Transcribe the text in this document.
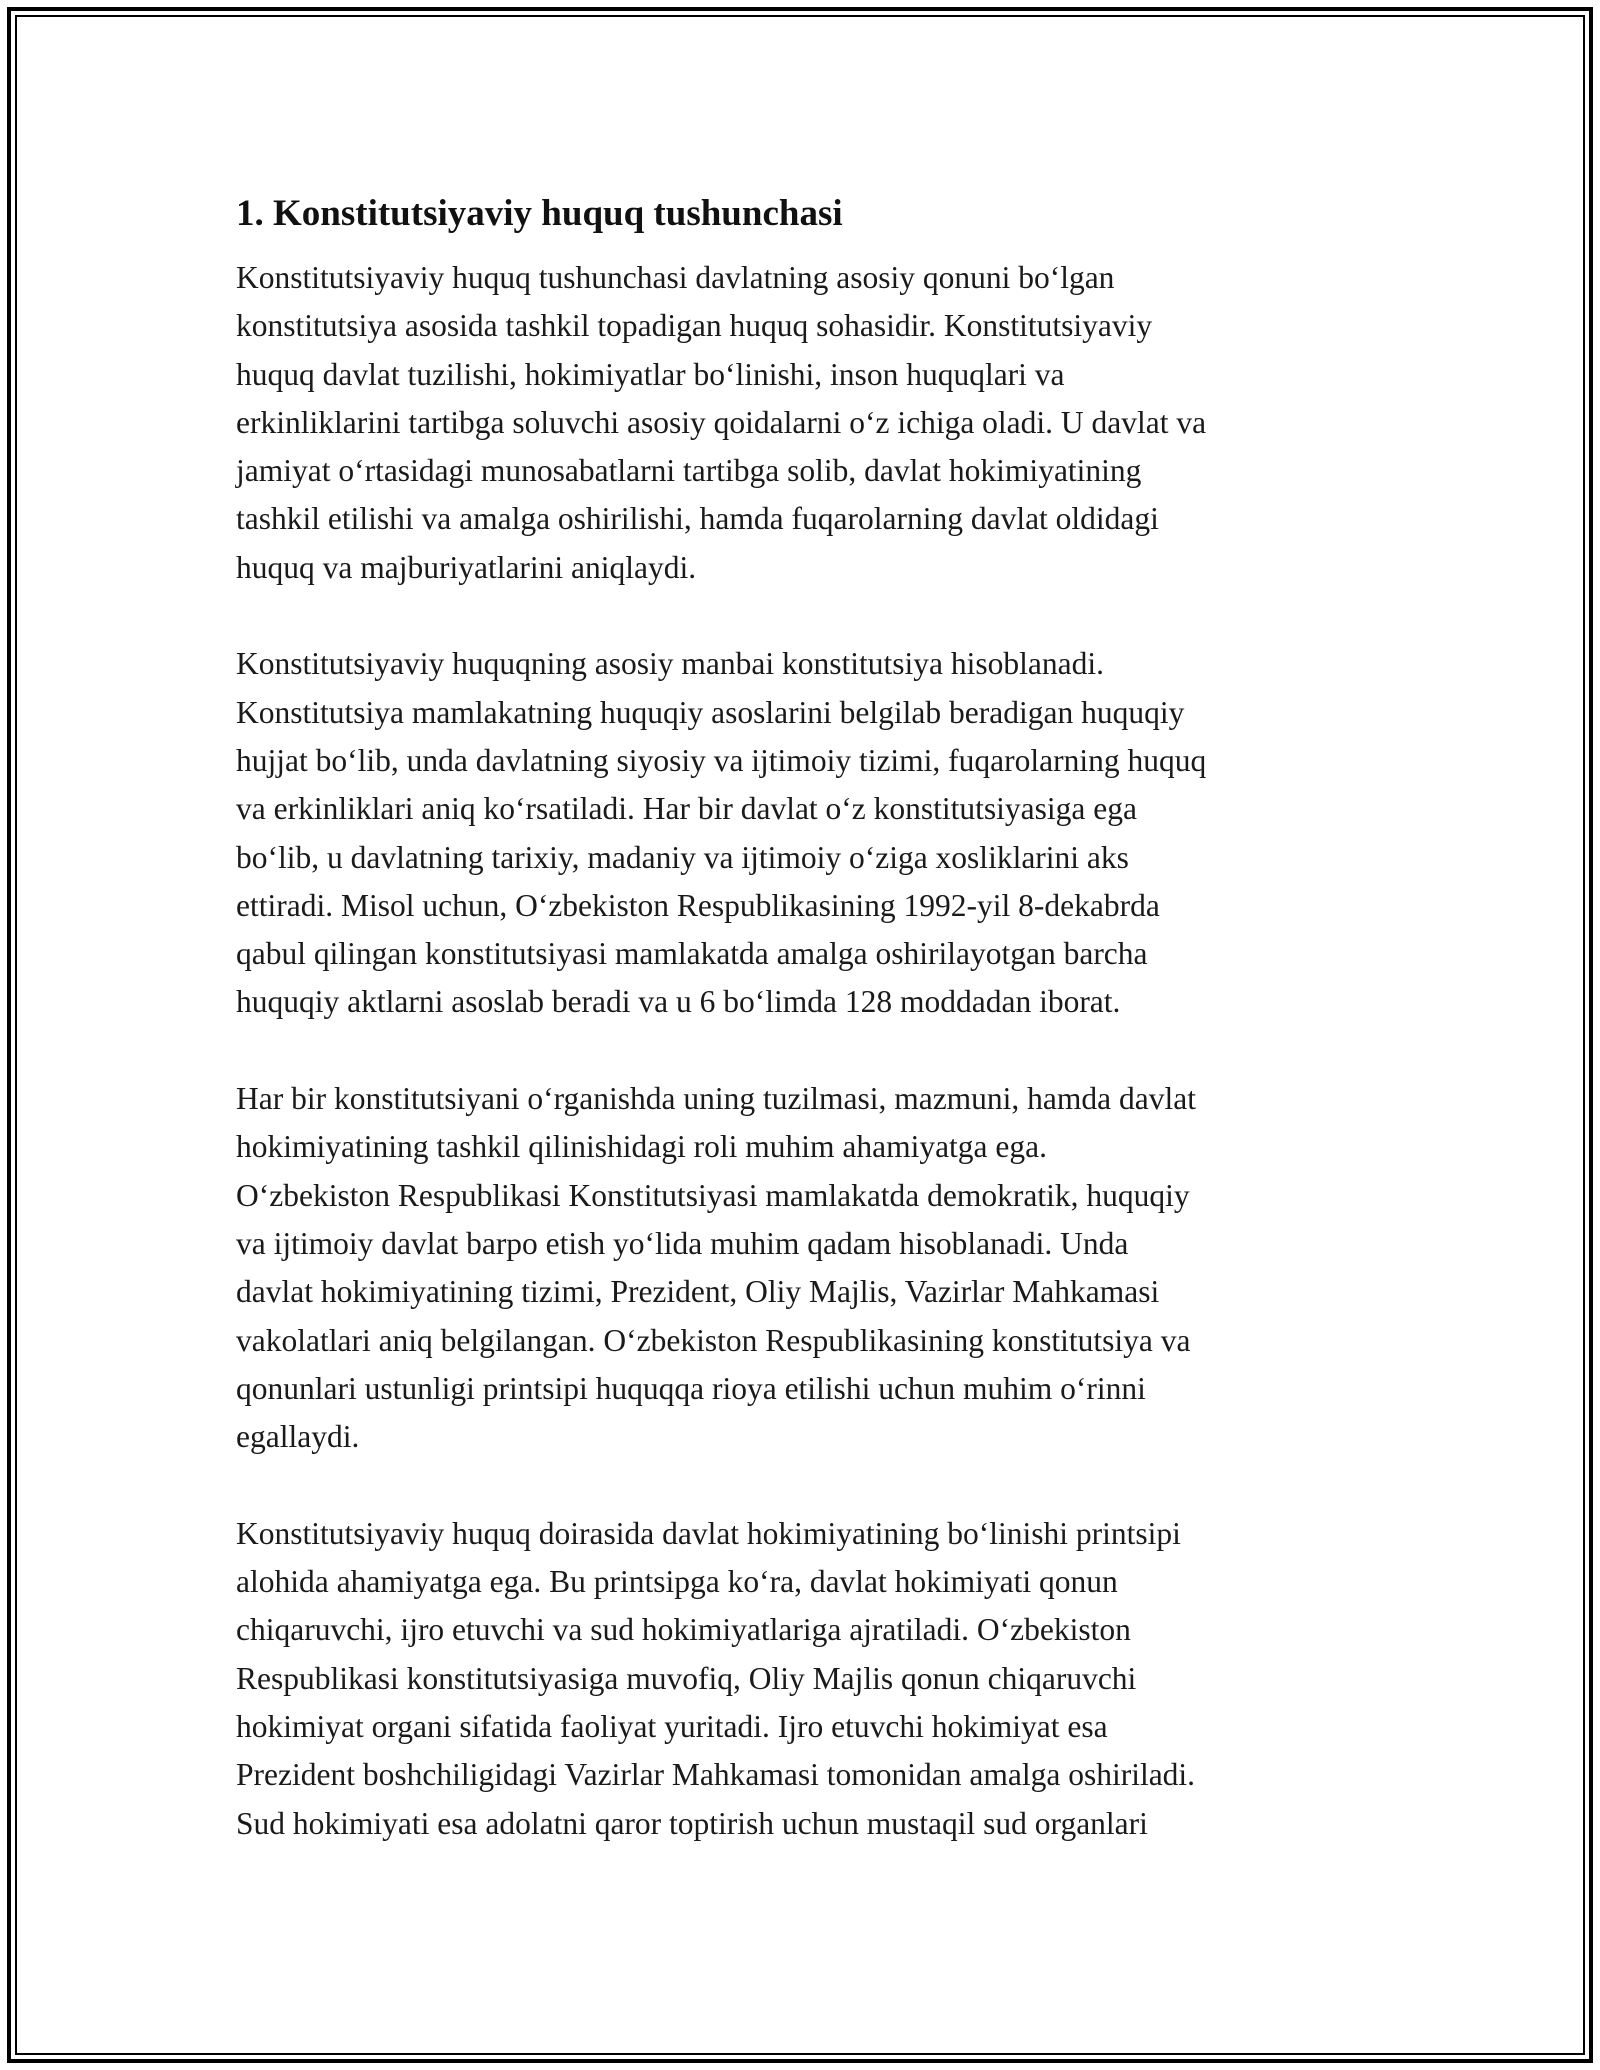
1. Konstitutsiyaviy huquq tushunchasi

Konstitutsiyaviy huquq tushunchasi davlatning asosiy qonuni boʻlgan
konstitutsiya asosida tashkil topadigan huquq sohasidir. Konstitutsiyaviy
huquq davlat tuzilishi, hokimiyatlar boʻlinishi, inson huquqlari va
erkinliklarini tartibga soluvchi asosiy qoidalarni oʻz ichiga oladi. U davlat va
jamiyat oʻrtasidagi munosabatlarni tartibga solib, davlat hokimiyatining
tashkil etilishi va amalga oshirilishi, hamda fuqarolarning davlat oldidagi
huquq va majburiyatlarini aniqlaydi.

Konstitutsiyaviy huquqning asosiy manbai konstitutsiya hisoblanadi.
Konstitutsiya mamlakatning huquqiy asoslarini belgilab beradigan huquqiy
hujjat boʻlib, unda davlatning siyosiy va ijtimoiy tizimi, fuqarolarning huquq
va erkinliklari aniq koʻrsatiladi. Har bir davlat oʻz konstitutsiyasiga ega
boʻlib, u davlatning tarixiy, madaniy va ijtimoiy oʻziga xosliklarini aks
ettiradi. Misol uchun, Oʻzbekiston Respublikasining 1992-yil 8-dekabrda
qabul qilingan konstitutsiyasi mamlakatda amalga oshirilayotgan barcha
huquqiy aktlarni asoslab beradi va u 6 boʻlimda 128 moddadan iborat.

Har bir konstitutsiyani oʻrganishda uning tuzilmasi, mazmuni, hamda davlat
hokimiyatining tashkil qilinishidagi roli muhim ahamiyatga ega.
Oʻzbekiston Respublikasi Konstitutsiyasi mamlakatda demokratik, huquqiy
va ijtimoiy davlat barpo etish yoʻlida muhim qadam hisoblanadi. Unda
davlat hokimiyatining tizimi, Prezident, Oliy Majlis, Vazirlar Mahkamasi
vakolatlari aniq belgilangan. Oʻzbekiston Respublikasining konstitutsiya va
qonunlari ustunligi printsipi huquqqa rioya etilishi uchun muhim oʻrinni
egallaydi.

Konstitutsiyaviy huquq doirasida davlat hokimiyatining boʻlinishi printsipi
alohida ahamiyatga ega. Bu printsipga koʻra, davlat hokimiyati qonun
chiqaruvchi, ijro etuvchi va sud hokimiyatlariga ajratiladi. Oʻzbekiston
Respublikasi konstitutsiyasiga muvofiq, Oliy Majlis qonun chiqaruvchi
hokimiyat organi sifatida faoliyat yuritadi. Ijro etuvchi hokimiyat esa
Prezident boshchiligidagi Vazirlar Mahkamasi tomonidan amalga oshiriladi.
Sud hokimiyati esa adolatni qaror toptirish uchun mustaqil sud organlari
